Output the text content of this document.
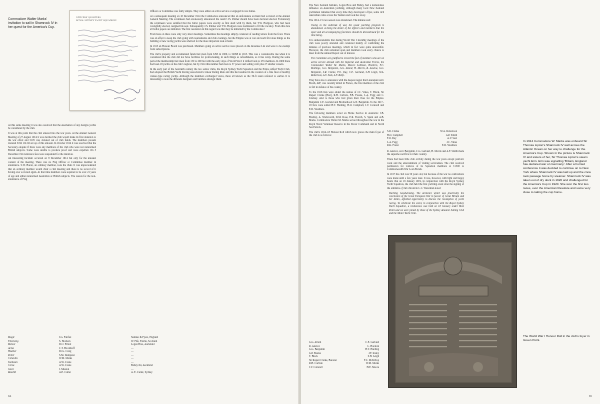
Commodore Walter Marks' invitation to sail in Shamrock IV in her quest for the America's Cup.
OFFICERS' QUARTERS
ROYAL SYDNEY YACHT SQUADRON

At this same meeting it was also resolved that the Asemation of any designs yachts be considered by the club.

It was at this point that the club entered into the war years. At the Annual General Meeting of 27 August 1914 it was decided the club would make its first donation to the war effort and £105 was donated out of club funds. The members present donated £192 10s 0d on top of this amount. In October 1914 it was resolved that the Secretary enquire if there were any members of the club who were not naturalised British subjects. Some were unable to produce proof and were expelled. On 3 December 1914 entrance fees were suspended for the duration.

An interesting incident occurred on 8 December 1914 but only for the unusual content of the meeting. There was no Flag Officer or Committee member in attendance. S.W. Baron, an ordinary member, took the chair. It was unprecedented that an ordinary member would chair a club meeting and there is no record of it having ever occurred again. At that time members were required to be over 21 years of age and either naturalised Australian or British subjects. The reason for the non-attendance of Flag

Officers or Committee was fairly simple. They were either on active service or engaged in war duties.

At a subsequent meeting on 10 December 1914 the Commodore announced that an unfortunate accident had occurred at the Annual General Meeting. The scrutineers had erroneously announced the result! J.S. Palmer should have been declared elected. Fortunately the scrutineers were satisfied that the ballot papers were exactly as first dealt with by them, but T.W. Hodgson, who had been wrongfully elected, resigned his seat. Subsequently J.S. Palmer and T.W. Hodgson were nominated to fill the vacancy. From this date all ballot papers are initialled. The first resolution in this regard was that they be initialled by the Commodore!

From here on there were only very short meetings. Sometimes the meetings simply consisted of reading letters from the front. There was an effort to keep the club going with tournaments and club evenings, but the Empire was at war and such frivolous things as the building of new racing yachts were shelved for the more important task at hand.

In 1915 an Honour Board was purchased. Members going on active service were placed on the Absentee List and were to be exempt from subscriptions.

The club's property and accumulated funds had risen from £295 in 1900, to £2098 in 1913. This was a considerable rise when it is considered that the club did not have facilities for profit-making, in such things as refreshments, as it has today. During the same period the membership had risen from 150 to 290 but with the early days of World War I it drifted back to 235 members. In 1900 there had been 18 yachts on the club's register, but by 1914 this number had risen to 57 power and sailing craft plus 27 smaller vessels.

In the early part of the twentieth century the two senior clubs, the Royal Sydney Yacht Squadron and the Prince Alfred Yacht Club, had adopted the British Yacht Racing Association's Linear Rating Rule and this had resulted in the creation of a fine fleet of healthy cruiser-type racing yachts. Although the members exchanged views, there all known as the 30-ft raters referred to earlier. It is interesting to note the different designers and builders amongst them.

Magic	J.G. Fairfax	Sumner & Fyers, England
Fleetwing	S. Hordern	W. Fife, Fairlie, Scotland
Meteor	Dr J. Elliott	Logan Bros, Auckland
Acma	C.T. Brockhoff	—
Heather	Dr G. Craig	—
Petrel	S.M. Dempster	—
Culwulla	W.M. Marks	—
Sunbeam	A.W. Crane	—
Corsa	A.W. Crane	Bailey Jnr, Auckland
Janet	J. Muston	—
Rawhiti	A.E. Cutler	A. E. Cutler, Sydney
64

The New Zealand builders, Logan Bros and Bailey, had a tremendous influence on Australian yachting, although many local New Zealand yachtsmen lamented that every time they developed a flyer, some rich Australian came across the Tasman and took her away.

The 1914–15 race season was abandoned. The minute read:

Owing to the outbreak of war, the usual yachting program is abandoned. A being the desire of the officers and members that the sport and all accompanying functions should be discontinued for the time being.

It is understandable that during World War I monthly meetings of the club were poorly attended and consisted mainly of confirming the minutes of previous meetings, which in fact were quite uneventful. However, the club remained open and members took every chance to meet from the Annual Report out of interest.

The Committee are gratified to record the fact of members who are on active service abroad with the Imperial and Australian Forces, the Commodore Walter M. Marks, Messrs Lobbson, Hordern, F.C. Mullings, G.G. Benjamin, G.G. Allard, H. Morris, R. Anslow, G.G. Benjamin, S.R. Clarke, F.O. Day, C.E. Garland, S.H. Leigh, W.A. Robertson, A.V. Seek, A.F. Rolfe.

They have also to announce with the deepest regret that Lieutenant A.D. Booth, AIF, was recently killed in France, the first member of the club to fall in defence of his country.

To the 1916 lists were added the names of J.C. Vines, T. Black, Sir Rupert Clarke (Bart), R.H. Carlisle, F.B. Freeze, L.A. Fagg and C. Lindsay. And to those who had given their lives for the Empire. Benjamin C.E. Garland and Brotherhood G.N. Benjamin. To the 1917–18 lists were added H.T. Harding, H.O. Campbell, J.V. Cotterell and E.D. Weathers.

The following members acted on Home Service in Australia: J.B. Bradley, A. Wadsworth, D.M. Rose, E.R. French, S. Spain and A.B. Marks. Commodore Walter M. Marks served throughout the war in the Royal Naval Volunteer Reserve in the Dover Command and in North Sea Patrols.

The club's 1914–18 Honour Roll which now graces the main foyer of the club is as follows:

G.G. Allard	C.E. Garland
R. Anslow	L. Hordern
G.G. Benjamin	H.T. Harding
G.P. Beales	J.F. Insley
T. Black	S.H. Leigh
Sir Rupert Clarke, Baronet	F.C. McKillop
R.H. Carlisle	W.M. Marks
J.V. Cotterell	H.E. Moore
S.R. Clarke	W.A. Robertson
H.O. Campbell	A.P. Smith
F.O. Day	A.V. Seal
L.A. Fagg	J.C. Vines
R.K. Frater	E.D. Weathers

R. Anslow, A.O. Benjamin, C.G. Garland, H. Morris and A.F. Smith made the supreme sacrifice for their country.

There had been little club activity during the war years except patriotic work and the entertainment of visiting servicemen. The club received permission for widows of its Squadron members at £1500 to Commonwealth War Loan Bonds.

In 1917 the club was 50 years old, but because of the war no celebrations were made until a few years later. It was, however, with light and happy hearts that on 19 January 1919, in conjunction with the Royal Sydney Yacht Squadron, the club held the first yachting event after the signing of the armistice. (Club chronicle L.C. Waterman noted

Yachting Goodwinning. The armistice which was practically the conclusion of the Great European War in favour of Great Britain and her Allies, afforded opportunity to discuss the resumption of yacht racing. To celebrate the event, in conjunction with the Royal Sydney Yacht Squadron, a rendezvous was held on 18 January under Bunt Point and we were joined by those of the Sydney Amateur Sailing Club and the Motor Yacht Club.

In 1914 Commodore W. Marks was onboard Sir Thomas Lipton's Shamrock IV well across the Atlantic Ocean on her way to challenge for the America's Cup. Shown in the picture is Shamrock IV and sisters of her, Sir Thomas Lipton's steam yacht Erin. Erin was signalling 'Britain, England has declared war on Germany.' After a hurried conference it was decided to continue on to New York where Shamrock IV was laid up and the crew took passage home by steamer. Shamrock IV was taken out of dry dock in 1920 and challenged for the America's Cup in 1920. She won the first two races, over the American Resolute and some very close to taking the cup home.
The World War I Honour Roll in the club's foyer in Green Point.
65
